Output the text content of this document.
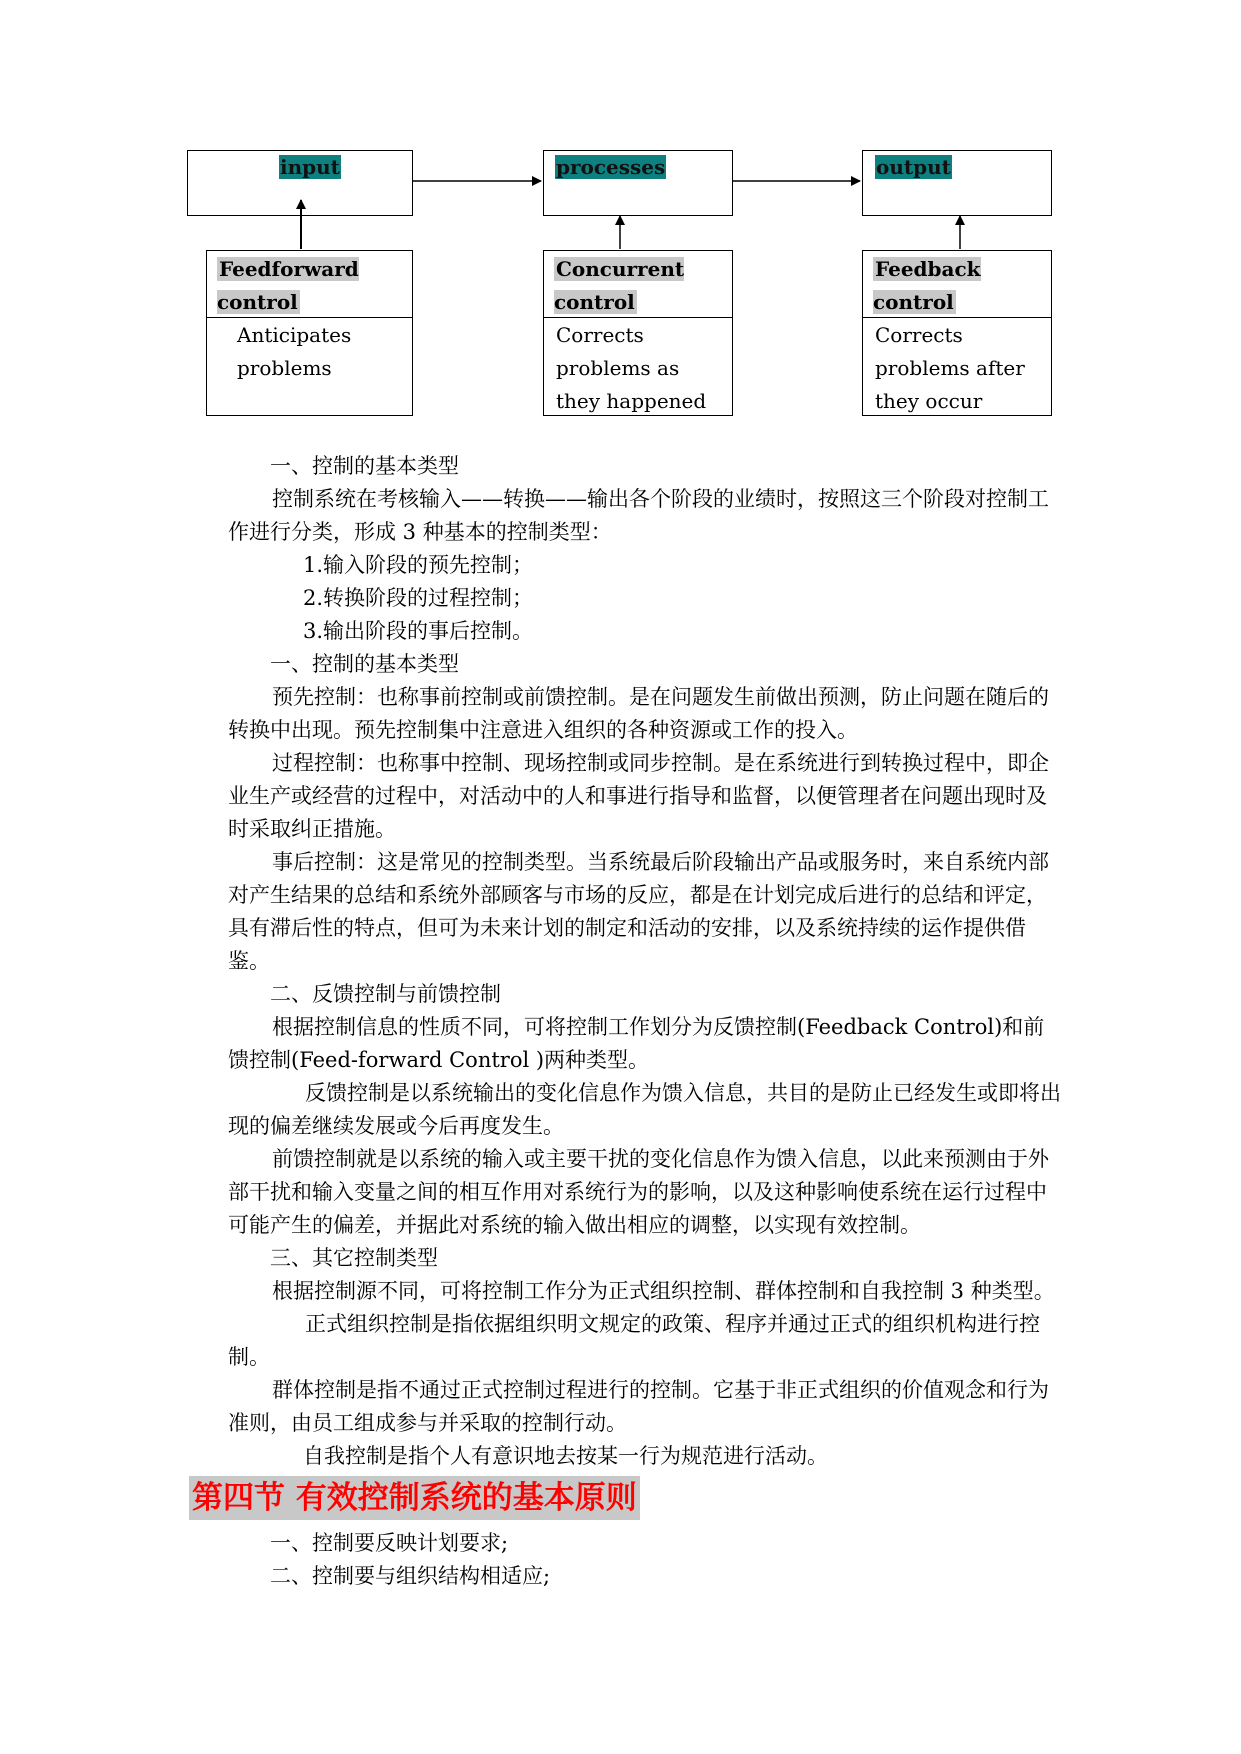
input	processes	output
Feedforward control
Anticipates problems
Concurrent control
Corrects problems as they happened
Feedback control
Corrects problems after they occur
一、控制的基本类型
控制系统在考核输入——转换——输出各个阶段的业绩时，按照这三个阶段对控制工作进行分类，形成 3 种基本的控制类型：
1.输入阶段的预先控制；
2.转换阶段的过程控制；
3.输出阶段的事后控制。
一、控制的基本类型
预先控制：也称事前控制或前馈控制。是在问题发生前做出预测，防止问题在随后的转换中出现。预先控制集中注意进入组织的各种资源或工作的投入。
过程控制：也称事中控制、现场控制或同步控制。是在系统进行到转换过程中，即企业生产或经营的过程中，对活动中的人和事进行指导和监督，以便管理者在问题出现时及时采取纠正措施。
事后控制：这是常见的控制类型。当系统最后阶段输出产品或服务时，来自系统内部对产生结果的总结和系统外部顾客与市场的反应，都是在计划完成后进行的总结和评定，具有滞后性的特点，但可为未来计划的制定和活动的安排，以及系统持续的运作提供借鉴。
二、反馈控制与前馈控制
根据控制信息的性质不同，可将控制工作划分为反馈控制(Feedback Control)和前馈控制(Feed-forward Control )两种类型。
反馈控制是以系统输出的变化信息作为馈入信息，共目的是防止已经发生或即将出现的偏差继续发展或今后再度发生。
前馈控制就是以系统的输入或主要干扰的变化信息作为馈入信息，以此来预测由于外部干扰和输入变量之间的相互作用对系统行为的影响，以及这种影响使系统在运行过程中可能产生的偏差，并据此对系统的输入做出相应的调整，以实现有效控制。
三、其它控制类型
根据控制源不同，可将控制工作分为正式组织控制、群体控制和自我控制 3 种类型。
正式组织控制是指依据组织明文规定的政策、程序并通过正式的组织机构进行控制。
群体控制是指不通过正式控制过程进行的控制。它基于非正式组织的价值观念和行为准则，由员工组成参与并采取的控制行动。
自我控制是指个人有意识地去按某一行为规范进行活动。
第四节 有效控制系统的基本原则
一、控制要反映计划要求;
二、控制要与组织结构相适应;
